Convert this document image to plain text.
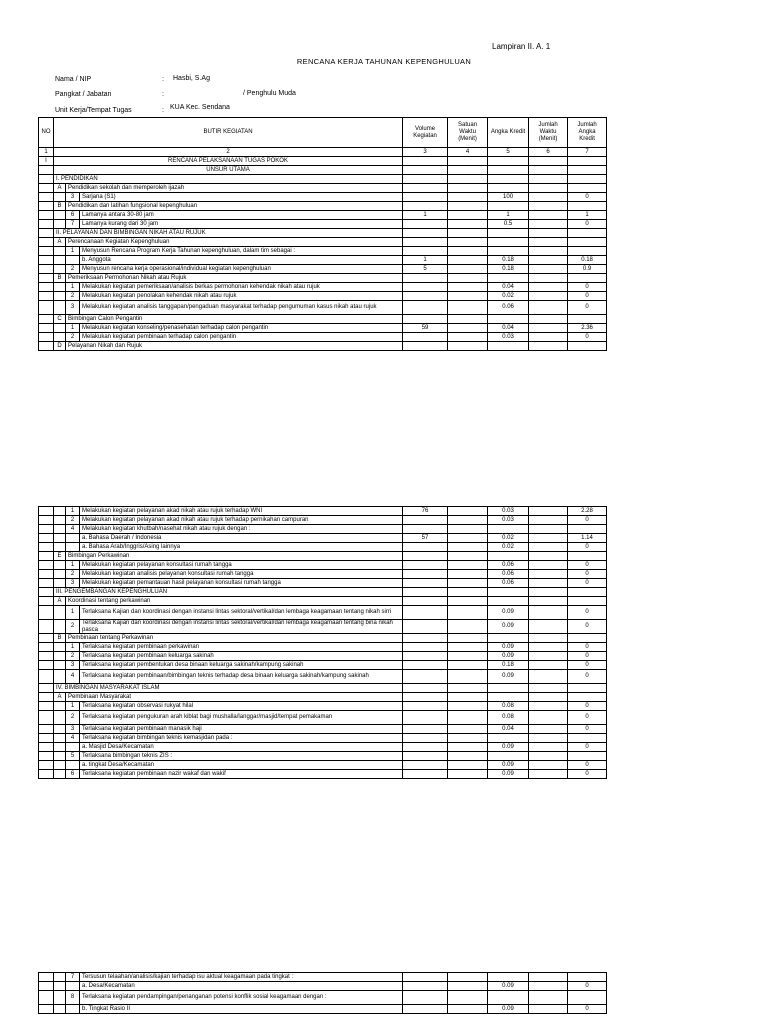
Lampiran II. A. 1
RENCANA KERJA TAHUNAN KEPENGHULUAN
Nama / NIP	: Hasbi, S.Ag
Pangkat / Jabatan	:	/ Penghulu Muda
Unit Kerja/Tempat Tugas	: KUA Kec. Sendana
NO	BUTIR KEGIATAN			Volume Kegiatan	Satuan Waktu (Menit)	Angka Kredit	Jumlah Waktu (Menit)	Jumlah Angka Kredit
1	2			3	4	5	6	7
I	RENCANA PELAKSANAAN TUGAS POKOK							
	UNSUR UTAMA							
	I. PENDIDIKAN							
	A	Pendidikan sekolah dan memperoleh ijazah						
		3	Sarjana (S1)			100		0
	B	Pendidikan dan latihan fungsional kepenghuluan						
		6	Lamanya antara 30-80 jam	1		1		1
		7	Lamanya kurang dari 30 jam			0.5		0
	II. PELAYANAN DAN BIMBINGAN NIKAH ATAU RUJUK							
	A	Perencanaan Kegiatan Kepenghuluan						
		1	Menyusun Rencana Program Kerja Tahunan kepenghuluan, dalam tim sebagai :					
			b. Anggota	1		0.18		0.18
		2	Menyusun rencana kerja operasional/individual kegiatan kepenghuluan	5		0.18		0.9
	B	Pemeriksaan Permohonan Nikah atau Rujuk						
		1	Melakukan kegiatan pemeriksaan/analisis berkas permohonan kehendak nikah atau rujuk			0.04		0
		2	Melakukan kegiatan penolakan kehendak nikah atau rujuk			0.02		0
		3	Melakukan kegiatan analisis tanggapan/pengaduan masyarakat terhadap pengumuman kasus nikah atau rujuk			0.06		0
	C	Bimbingan Calon Pengantin						
		1	Melakukan kegiatan konseling/penasehatan terhadap calon pengantin	59		0.04		2.36
		2	Melakukan kegiatan pembinaan terhadap calon pengantin			0.03		0
	D	Pelayanan Nikah dan Rujuk						
		1	Melakukan kegiatan pelayanan akad nikah atau rujuk terhadap WNI	76		0.03		2.28
		2	Melakukan kegiatan pelayanan akad nikah atau rujuk terhadap pernikahan campuran			0.03		0
		4	Melakukan kegiatan khutbah/nasehat nikah atau rujuk dengan :					
			a. Bahasa Daerah / Indonesia	57		0.02		1.14
			a. Bahasa Arab/Inggris/Asing lainnya			0.02		0
	E	Bimbingan Perkawinan						
		1	Melakukan kegiatan pelayanan konsultasi rumah tangga			0.06		0
		2	Melakukan kegiatan analisis pelayanan konsultasi rumah tangga			0.06		0
		3	Melakukan kegiatan pemantauan hasil pelayanan konsultasi rumah tangga			0.06		0
	III. PENGEMBANGAN KEPENGHULUAN							
	A	Koordinasi tentang perkawinan						
		1	Terlaksana Kajian dan koordinasi dengan instansi lintas sektoral/vertikal/dan lembaga keagamaan tentang nikah sirri			0.09		0
		2	Terlaksana Kajian dan koordinasi dengan instansi lintas sektoral/vertikal/dan lembaga keagamaan tentang bina nikah pasca			0.09		0
	B	Pembinaan tentang Perkawinan						
		1	Terlaksana kegiatan pembinaan perkawinan			0.09		0
		2	Terlaksana kegiatan pembinaan keluarga sakinah			0.09		0
		3	Terlaksana kegiatan pembentukan desa binaan keluarga sakinah/kampung sakinah			0.18		0
		4	Terlaksana kegiatan pembinaan/bimbingan teknis terhadap desa binaan keluarga sakinah/kampung sakinah			0.09		0
	IV. BIMBINGAN MASYARAKAT ISLAM							
	A	Pembinaan Masyarakat						
		1	Terlaksana kegiatan observasi rukyat hilal			0.08		0
		2	Terlaksana kegiatan pengukuran arah kiblat bagi mushalla/langgar/masjid/tempat pemakaman			0.08		0
		3	Terlaksana kegiatan pembinaan manasik haji			0.04		0
		4	Terlaksana kegiatan bimbingan teknis kemasjidan pada :					
			a. Masjid Desa/Kecamatan			0.09		0
		5	Terlaksana bimbingan teknis ZIS :					
			a. tingkat Desa/Kecamatan			0.09		0
		6	Terlaksana kegiatan pembinaan nazir wakaf dan wakif			0.09		0
		7	Tersusun telaahan/analisis/kajian terhadap isu aktual keagamaan pada tingkat :					
			a. Desa/Kecamatan			0.09		0
		8	Terlaksana kegiatan pendampingan/penanganan potensi konflik sosial keagamaan dengan :					
			b. Tingkat Rasio II			0.09		0
